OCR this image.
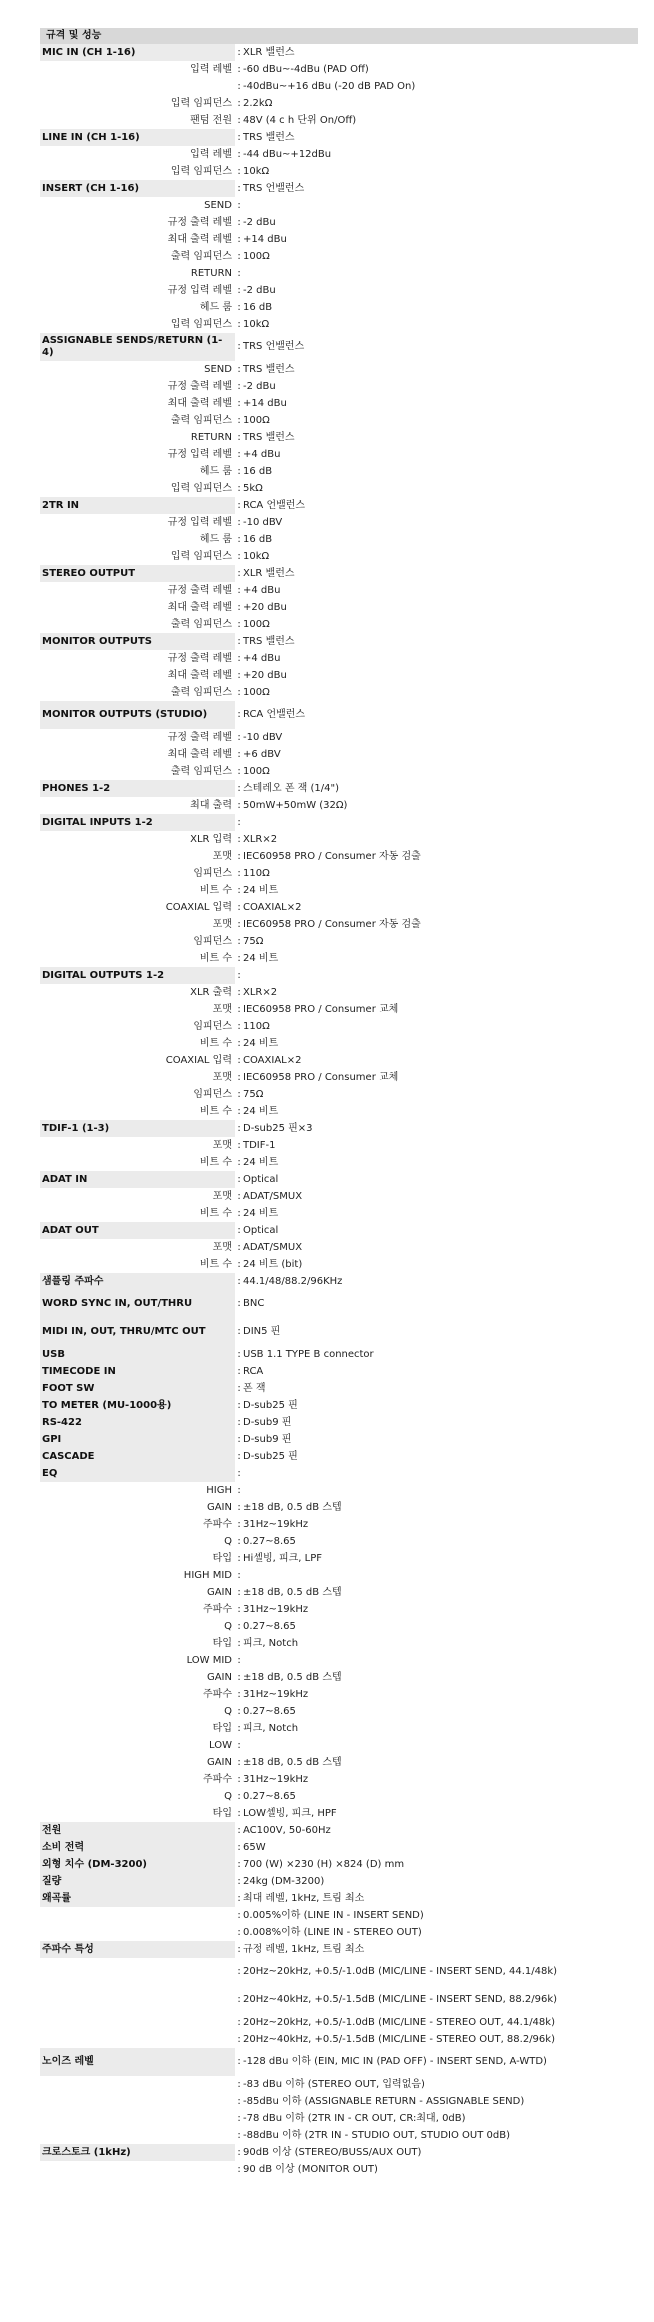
규격 및 성능
MIC IN (CH 1-16)	: XLR 밸런스
입력 레벨	: -60 dBu~-4dBu (PAD Off)
	: -40dBu~+16 dBu (-20 dB PAD On)
입력 임피던스	: 2.2kΩ
팬텀 전원	: 48V (4 c h 단위 On/Off)
LINE IN (CH 1-16)	: TRS 밸런스
입력 레벨	: -44 dBu~+12dBu
입력 임피던스	: 10kΩ
INSERT (CH 1-16)	: TRS 언밸런스
SEND	:
규정 출력 레벨	: -2 dBu
최대 출력 레벨	: +14 dBu
출력 임피던스	: 100Ω
RETURN	:
규정 입력 레벨	: -2 dBu
헤드 룸	: 16 dB
입력 임피던스	: 10kΩ
ASSIGNABLE SENDS/RETURN (1-4)	: TRS 언밸런스
SEND	: TRS 밸런스
규정 출력 레벨	: -2 dBu
최대 출력 레벨	: +14 dBu
출력 임피던스	: 100Ω
RETURN	: TRS 밸런스
규정 입력 레벨	: +4 dBu
헤드 룸	: 16 dB
입력 임피던스	: 5kΩ
2TR IN	: RCA 언밸런스
규정 입력 레벨	: -10 dBV
헤드 룸	: 16 dB
입력 임피던스	: 10kΩ
STEREO OUTPUT	: XLR 밸런스
규정 출력 레벨	: +4 dBu
최대 출력 레벨	: +20 dBu
출력 임피던스	: 100Ω
MONITOR OUTPUTS	: TRS 밸런스
규정 출력 레벨	: +4 dBu
최대 출력 레벨	: +20 dBu
출력 임피던스	: 100Ω
MONITOR OUTPUTS (STUDIO)	: RCA 언밸런스
규정 출력 레벨	: -10 dBV
최대 출력 레벨	: +6 dBV
출력 임피던스	: 100Ω
PHONES 1-2	: 스테레오 폰 잭 (1/4")
최대 출력	: 50mW+50mW (32Ω)
DIGITAL INPUTS 1-2	:
XLR 입력	: XLR×2
포맷	: IEC60958 PRO / Consumer 자동 검출
임피던스	: 110Ω
비트 수	: 24 비트
COAXIAL 입력	: COAXIAL×2
포맷	: IEC60958 PRO / Consumer 자동 검출
임피던스	: 75Ω
비트 수	: 24 비트
DIGITAL OUTPUTS 1-2	:
XLR 출력	: XLR×2
포맷	: IEC60958 PRO / Consumer 교체
임피던스	: 110Ω
비트 수	: 24 비트
COAXIAL 입력	: COAXIAL×2
포맷	: IEC60958 PRO / Consumer 교체
임피던스	: 75Ω
비트 수	: 24 비트
TDIF-1 (1-3)	: D-sub25 핀×3
포맷	: TDIF-1
비트 수	: 24 비트
ADAT IN	: Optical
포맷	: ADAT/SMUX
비트 수	: 24 비트
ADAT OUT	: Optical
포맷	: ADAT/SMUX
비트 수	: 24 비트 (bit)
샘플링 주파수	: 44.1/48/88.2/96KHz
WORD SYNC IN, OUT/THRU	: BNC
MIDI IN, OUT, THRU/MTC OUT	: DIN5 핀
USB	: USB 1.1 TYPE B connector
TIMECODE IN	: RCA
FOOT SW	: 폰 잭
TO METER (MU-1000용)	: D-sub25 핀
RS-422	: D-sub9 핀
GPI	: D-sub9 핀
CASCADE	: D-sub25 핀
EQ	:
HIGH	:
GAIN	: ±18 dB, 0.5 dB 스텝
주파수	: 31Hz~19kHz
Q	: 0.27~8.65
타입	: Hi셸빙, 피크, LPF
HIGH MID	:
GAIN	: ±18 dB, 0.5 dB 스텝
주파수	: 31Hz~19kHz
Q	: 0.27~8.65
타입	: 피크, Notch
LOW MID	:
GAIN	: ±18 dB, 0.5 dB 스텝
주파수	: 31Hz~19kHz
Q	: 0.27~8.65
타입	: 피크, Notch
LOW	:
GAIN	: ±18 dB, 0.5 dB 스텝
주파수	: 31Hz~19kHz
Q	: 0.27~8.65
타입	: LOW셸빙, 피크, HPF
전원	: AC100V, 50-60Hz
소비 전력	: 65W
외형 치수 (DM-3200)	: 700 (W) ×230 (H) ×824 (D) mm
질량	: 24kg (DM-3200)
왜곡률	: 최대 레벨, 1kHz, 트림 최소
	: 0.005%이하 (LINE IN - INSERT SEND)
	: 0.008%이하 (LINE IN - STEREO OUT)
주파수 특성	: 규정 레벨, 1kHz, 트림 최소
	: 20Hz~20kHz, +0.5/-1.0dB (MIC/LINE - INSERT SEND, 44.1/48k)
	: 20Hz~40kHz, +0.5/-1.5dB (MIC/LINE - INSERT SEND, 88.2/96k)
	: 20Hz~20kHz, +0.5/-1.0dB (MIC/LINE - STEREO OUT, 44.1/48k)
	: 20Hz~40kHz, +0.5/-1.5dB (MIC/LINE - STEREO OUT, 88.2/96k)
노이즈 레벨	: -128 dBu 이하 (EIN, MIC IN (PAD OFF) - INSERT SEND, A-WTD)
	: -83 dBu 이하 (STEREO OUT, 입력없음)
	: -85dBu 이하 (ASSIGNABLE RETURN - ASSIGNABLE SEND)
	: -78 dBu 이하 (2TR IN - CR OUT, CR:최대, 0dB)
	: -88dBu 이하 (2TR IN - STUDIO OUT, STUDIO OUT 0dB)
크로스토크 (1kHz)	: 90dB 이상 (STEREO/BUSS/AUX OUT)
	: 90 dB 이상 (MONITOR OUT)
